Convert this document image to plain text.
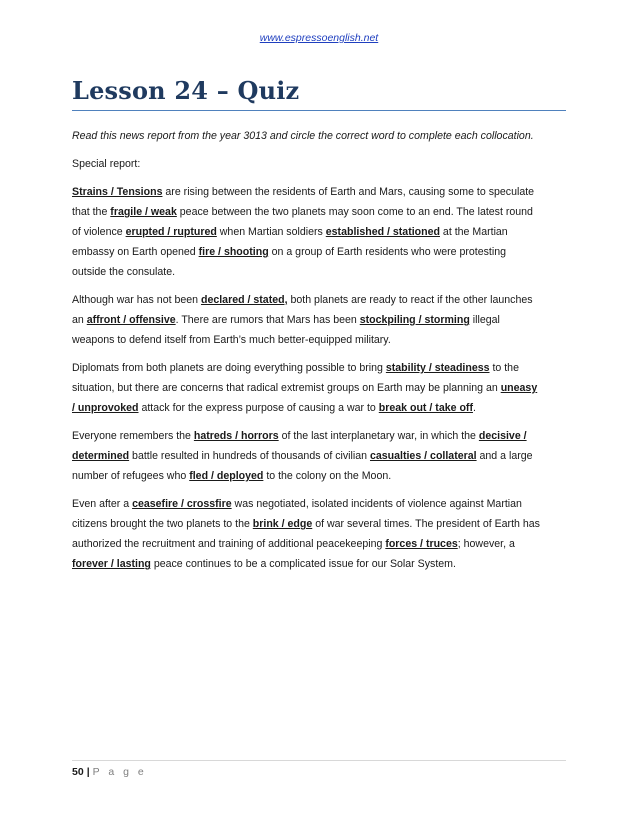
www.espressoenglish.net
Lesson 24 – Quiz

Read this news report from the year 3013 and circle the correct word to complete each collocation.

Special report:

Strains / Tensions are rising between the residents of Earth and Mars, causing some to speculate that the fragile / weak peace between the two planets may soon come to an end. The latest round of violence erupted / ruptured when Martian soldiers established / stationed at the Martian embassy on Earth opened fire / shooting on a group of Earth residents who were protesting outside the consulate.

Although war has not been declared / stated, both planets are ready to react if the other launches an affront / offensive. There are rumors that Mars has been stockpiling / storming illegal weapons to defend itself from Earth’s much better-equipped military.

Diplomats from both planets are doing everything possible to bring stability / steadiness to the situation, but there are concerns that radical extremist groups on Earth may be planning an uneasy / unprovoked attack for the express purpose of causing a war to break out / take off.

Everyone remembers the hatreds / horrors of the last interplanetary war, in which the decisive / determined battle resulted in hundreds of thousands of civilian casualties / collateral and a large number of refugees who fled / deployed to the colony on the Moon.

Even after a ceasefire / crossfire was negotiated, isolated incidents of violence against Martian citizens brought the two planets to the brink / edge of war several times. The president of Earth has authorized the recruitment and training of additional peacekeeping forces / truces; however, a forever / lasting peace continues to be a complicated issue for our Solar System.

50 | P a g e
